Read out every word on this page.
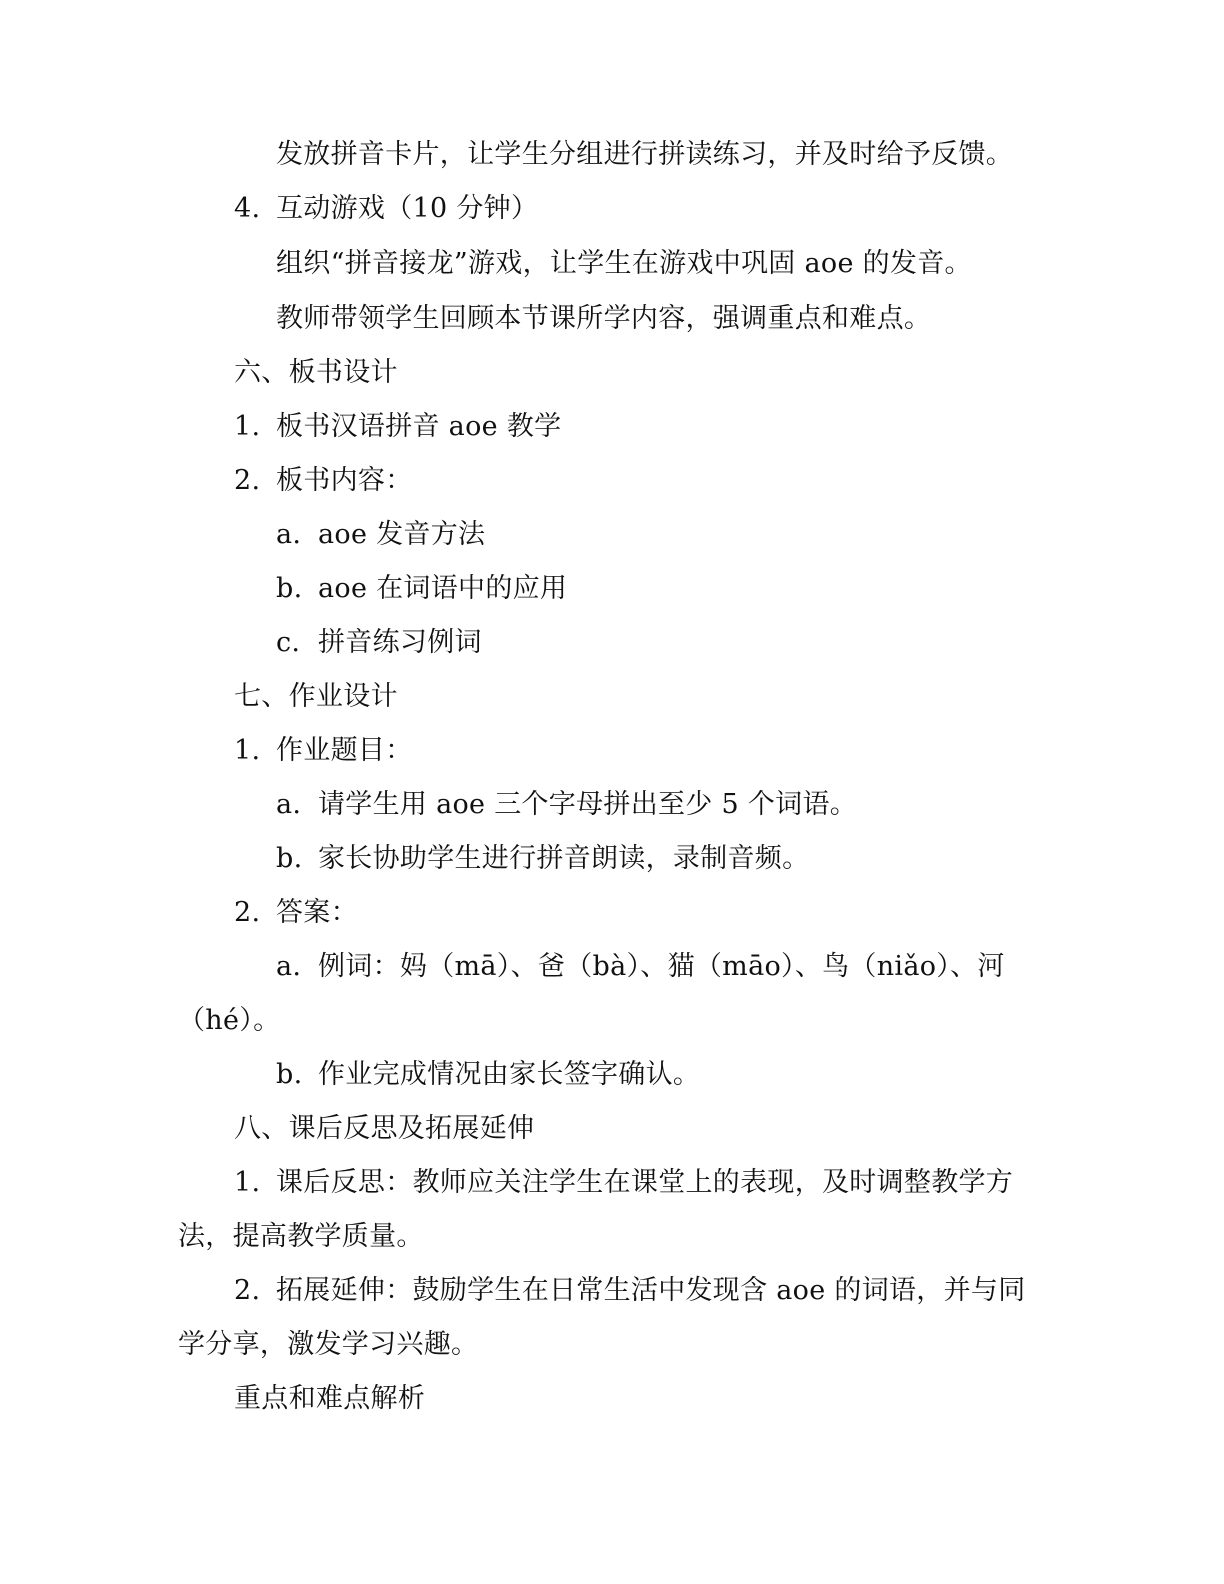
发放拼音卡片，让学生分组进行拼读练习，并及时给予反馈。
4. 互动游戏（10 分钟）
组织“拼音接龙”游戏，让学生在游戏中巩固 aoe 的发音。
教师带领学生回顾本节课所学内容，强调重点和难点。
六、板书设计
1. 板书汉语拼音 aoe 教学
2. 板书内容：
a. aoe 发音方法
b. aoe 在词语中的应用
c. 拼音练习例词
七、作业设计
1. 作业题目：
a. 请学生用 aoe 三个字母拼出至少 5 个词语。
b. 家长协助学生进行拼音朗读，录制音频。
2. 答案：
a. 例词：妈（mā）、爸（bà）、猫（māo）、鸟（niǎo）、河
（hé）。
b. 作业完成情况由家长签字确认。
八、课后反思及拓展延伸
1. 课后反思：教师应关注学生在课堂上的表现，及时调整教学方
法，提高教学质量。
2. 拓展延伸：鼓励学生在日常生活中发现含 aoe 的词语，并与同
学分享，激发学习兴趣。
重点和难点解析
